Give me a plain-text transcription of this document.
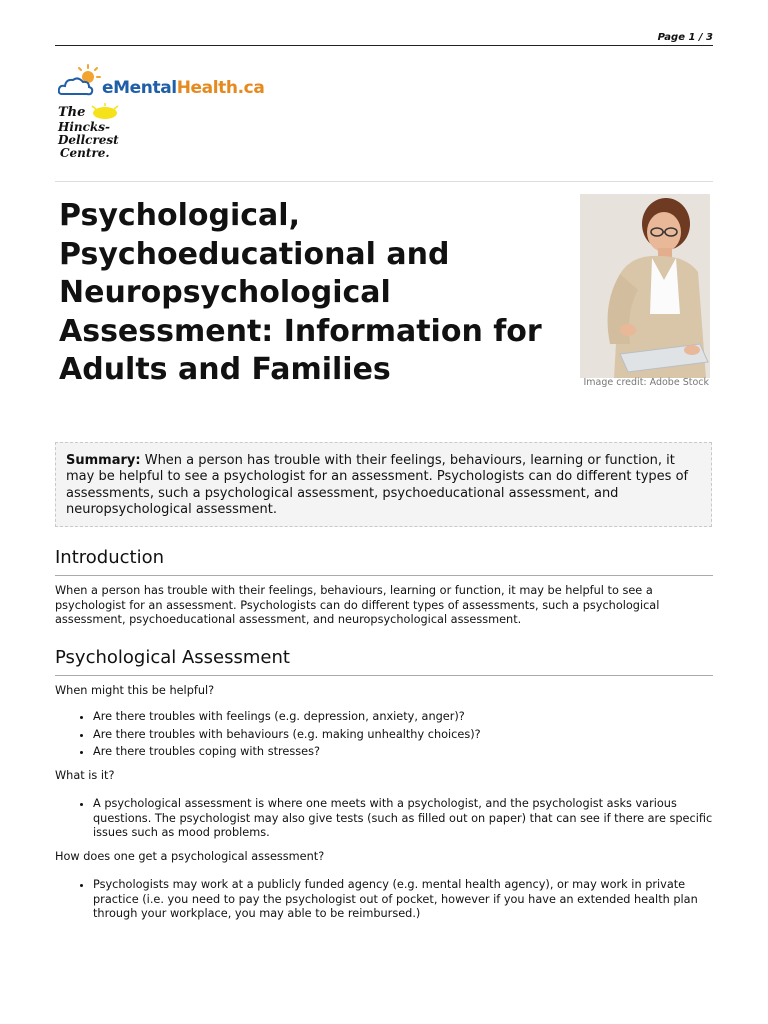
Page 1 / 3
eMentalHealth.ca
The
Hincks-
Dellcrest
Centre.
Psychological, Psychoeducational and Neuropsychological Assessment: Information for Adults and Families	Image credit: Adobe Stock
Summary: When a person has trouble with their feelings, behaviours, learning or function, it may be helpful to see a psychologist for an assessment. Psychologists can do different types of assessments, such a psychological assessment, psychoeducational assessment, and neuropsychological assessment.
Introduction

When a person has trouble with their feelings, behaviours, learning or function, it may be helpful to see a psychologist for an assessment. Psychologists can do different types of assessments, such a psychological assessment, psychoeducational assessment, and neuropsychological assessment.

Psychological Assessment

When might this be helpful?

• Are there troubles with feelings (e.g. depression, anxiety, anger)?
• Are there troubles with behaviours (e.g. making unhealthy choices)?
• Are there troubles coping with stresses?

What is it?

• A psychological assessment is where one meets with a psychologist, and the psychologist asks various questions. The psychologist may also give tests (such as filled out on paper) that can see if there are specific issues such as mood problems.

How does one get a psychological assessment?

• Psychologists may work at a publicly funded agency (e.g. mental health agency), or may work in private practice (i.e. you need to pay the psychologist out of pocket, however if you have an extended health plan through your workplace, you may able to be reimbursed.)
